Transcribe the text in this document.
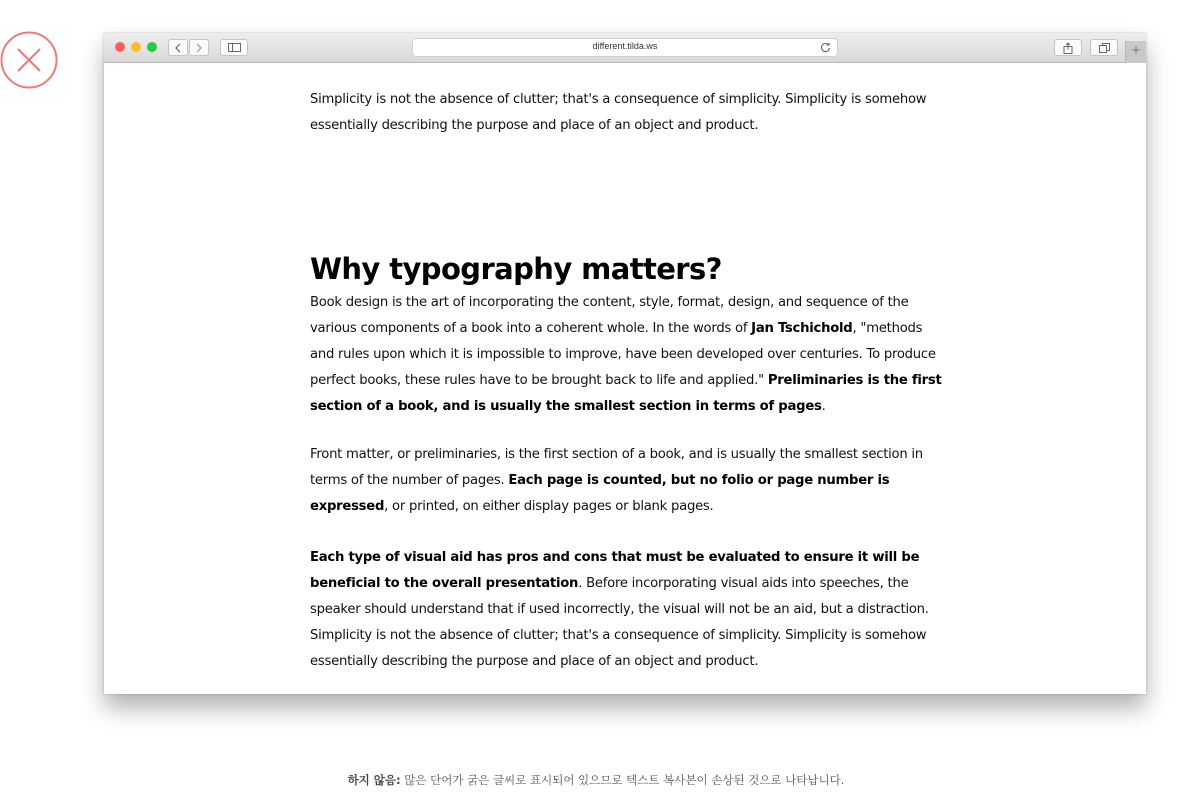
different.tilda.ws	+

Simplicity is not the absence of clutter; that's a consequence of simplicity. Simplicity is somehow essentially describing the purpose and place of an object and product.

Why typography matters?

Book design is the art of incorporating the content, style, format, design, and sequence of the various components of a book into a coherent whole. In the words of Jan Tschichold, "methods and rules upon which it is impossible to improve, have been developed over centuries. To produce perfect books, these rules have to be brought back to life and applied." Preliminaries is the first section of a book, and is usually the smallest section in terms of pages.

Front matter, or preliminaries, is the first section of a book, and is usually the smallest section in terms of the number of pages. Each page is counted, but no folio or page number is expressed, or printed, on either display pages or blank pages.

Each type of visual aid has pros and cons that must be evaluated to ensure it will be beneficial to the overall presentation. Before incorporating visual aids into speeches, the speaker should understand that if used incorrectly, the visual will not be an aid, but a distraction. Simplicity is not the absence of clutter; that's a consequence of simplicity. Simplicity is somehow essentially describing the purpose and place of an object and product.

하지 않음: 많은 단어가 굵은 글씨로 표시되어 있으므로 텍스트 복사본이 손상된 것으로 나타납니다.
